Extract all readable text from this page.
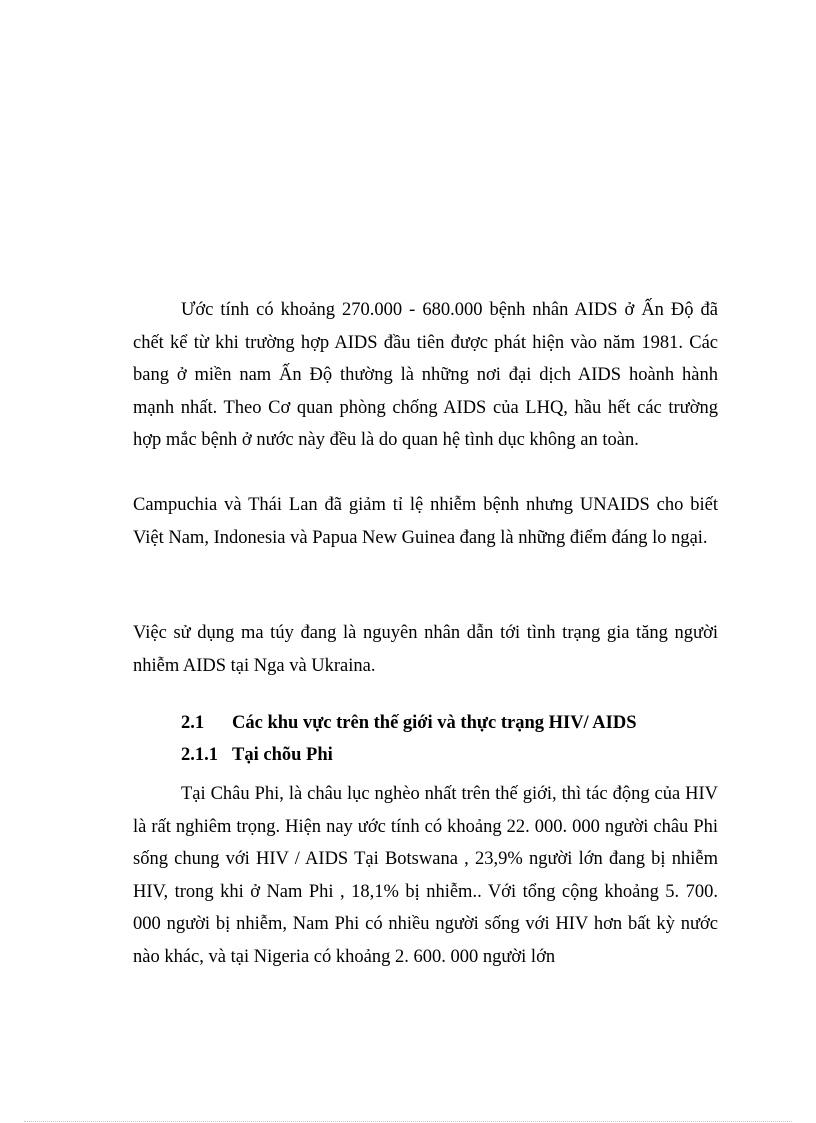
Ước tính có khoảng 270.000 - 680.000 bệnh nhân AIDS ở Ấn Độ đã chết kể từ khi trường hợp AIDS đầu tiên được phát hiện vào năm 1981. Các bang ở miền nam Ấn Độ thường là những nơi đại dịch AIDS hoành hành mạnh nhất. Theo Cơ quan phòng chống AIDS của LHQ, hầu hết các trường hợp mắc bệnh ở nước này đều là do quan hệ tình dục không an toàn.

Campuchia và Thái Lan đã giảm tỉ lệ nhiễm bệnh nhưng UNAIDS cho biết Việt Nam, Indonesia và Papua New Guinea đang là những điểm đáng lo ngại.

Việc sử dụng ma túy đang là nguyên nhân dẫn tới tình trạng gia tăng người nhiễm AIDS tại Nga và Ukraina.

2.1 Các khu vực trên thế giới và thực trạng HIV/ AIDS
2.1.1 Tại chõu Phi

Tại Châu Phi, là châu lục nghèo nhất trên thế giới, thì tác động của HIV là rất nghiêm trọng. Hiện nay ước tính có khoảng 22. 000. 000 người châu Phi sống chung với HIV / AIDS Tại Botswana , 23,9% người lớn đang bị nhiễm HIV, trong khi ở Nam Phi , 18,1% bị nhiễm.. Với tổng cộng khoảng 5. 700. 000 người bị nhiễm, Nam Phi có nhiều người sống với HIV hơn bất kỳ nước nào khác, và tại Nigeria có khoảng 2. 600. 000 người lớn
